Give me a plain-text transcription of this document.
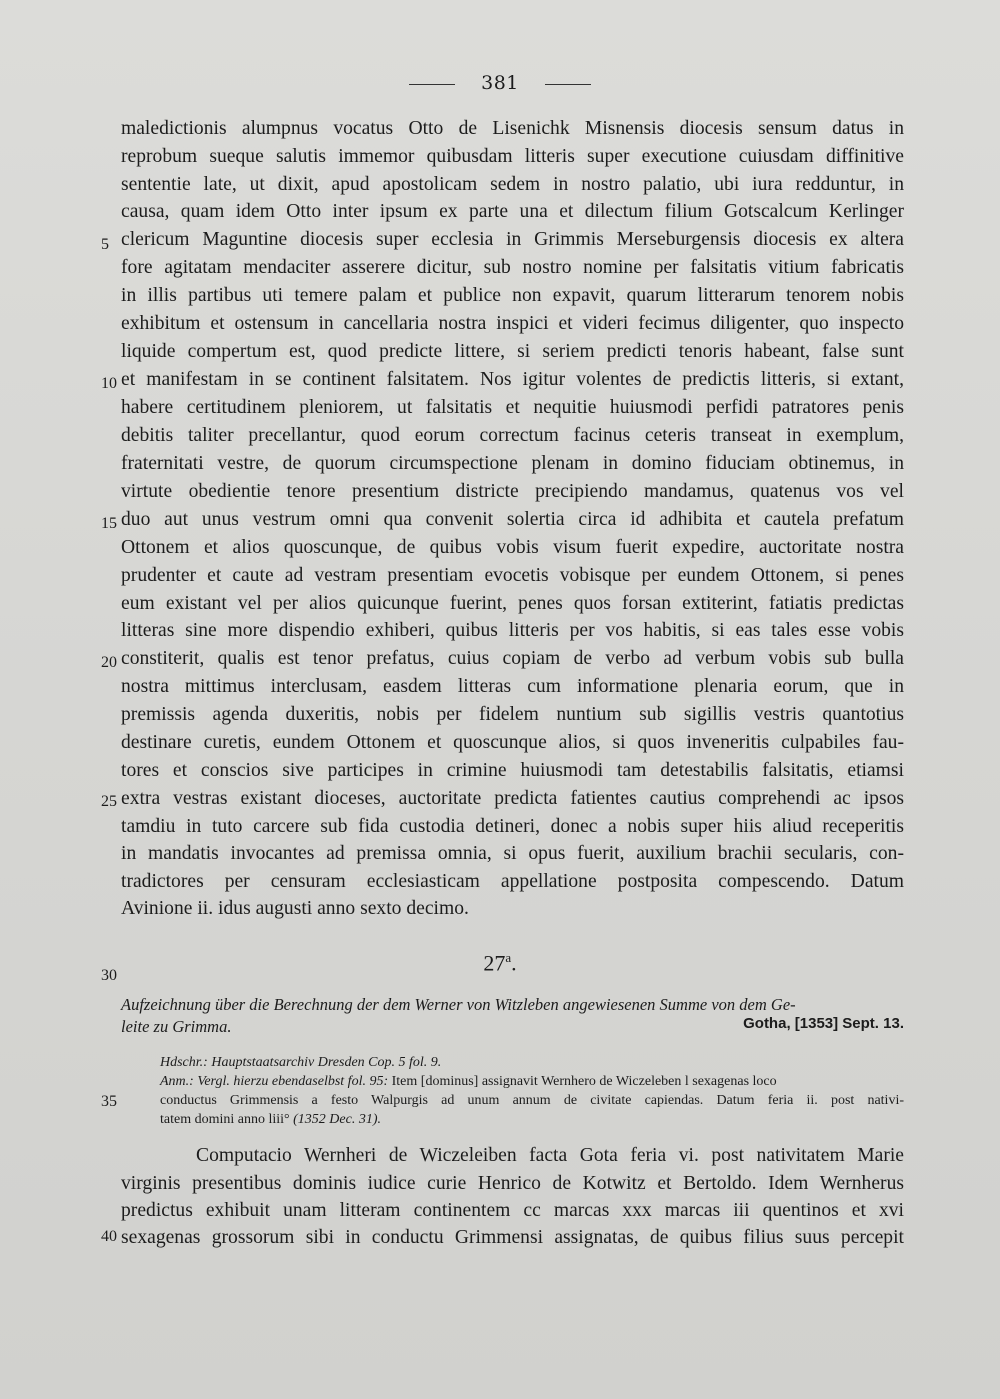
381
maledictionis alumpnus vocatus Otto de Lisenichk Misnensis diocesis sensum datus in
reprobum sueque salutis immemor quibusdam litteris super executione cuiusdam diffinitive
sententie late, ut dixit, apud apostolicam sedem in nostro palatio, ubi iura redduntur, in
causa, quam idem Otto inter ipsum ex parte una et dilectum filium Gotscalcum Kerlinger
clericum Maguntine diocesis super ecclesia in Grimmis Merseburgensis diocesis ex altera
fore agitatam mendaciter asserere dicitur, sub nostro nomine per falsitatis vitium fabricatis
in illis partibus uti temere palam et publice non expavit, quarum litterarum tenorem nobis
exhibitum et ostensum in cancellaria nostra inspici et videri fecimus diligenter, quo inspecto
liquide compertum est, quod predicte littere, si seriem predicti tenoris habeant, false sunt
et manifestam in se continent falsitatem. Nos igitur volentes de predictis litteris, si extant,
habere certitudinem pleniorem, ut falsitatis et nequitie huiusmodi perfidi patratores penis
debitis taliter precellantur, quod eorum correctum facinus ceteris transeat in exemplum,
fraternitati vestre, de quorum circumspectione plenam in domino fiduciam obtinemus, in
virtute obedientie tenore presentium districte precipiendo mandamus, quatenus vos vel
duo aut unus vestrum omni qua convenit solertia circa id adhibita et cautela prefatum
Ottonem et alios quoscunque, de quibus vobis visum fuerit expedire, auctoritate nostra
prudenter et caute ad vestram presentiam evocetis vobisque per eundem Ottonem, si penes
eum existant vel per alios quicunque fuerint, penes quos forsan extiterint, fatiatis predictas
litteras sine more dispendio exhiberi, quibus litteris per vos habitis, si eas tales esse vobis
constiterit, qualis est tenor prefatus, cuius copiam de verbo ad verbum vobis sub bulla
nostra mittimus interclusam, easdem litteras cum informatione plenaria eorum, que in
premissis agenda duxeritis, nobis per fidelem nuntium sub sigillis vestris quantotius
destinare curetis, eundem Ottonem et quoscunque alios, si quos inveneritis culpabiles fau-
tores et conscios sive participes in crimine huiusmodi tam detestabilis falsitatis, etiamsi
extra vestras existant dioceses, auctoritate predicta fatientes cautius comprehendi ac ipsos
tamdiu in tuto carcere sub fida custodia detineri, donec a nobis super hiis aliud receperitis
in mandatis invocantes ad premissa omnia, si opus fuerit, auxilium brachii secularis, con-
tradictores per censuram ecclesiasticam appellatione postposita compescendo. Datum
Avinione ii. idus augusti anno sexto decimo.
5
10
15
20
25
30
35
40
27$^a$.
Aufzeichnung über die Berechnung der dem Werner von Witzleben angewiesenen Summe von dem Ge-
leite zu Grimma.	Gotha, [1353] Sept. 13.
Hdschr.: Hauptstaatsarchiv Dresden Cop. 5 fol. 9.
Anm.: Vergl. hierzu ebendaselbst fol. 95: Item [dominus] assignavit Wernhero de Wiczeleben l sexagenas loco
conductus Grimmensis a festo Walpurgis ad unum annum de civitate capiendas. Datum feria ii. post nativi-
tatem domini anno liii° (1352 Dec. 31).
Computacio Wernheri de Wiczeleiben facta Gota feria vi. post nativitatem Marie
virginis presentibus dominis iudice curie Henrico de Kotwitz et Bertoldo. Idem Wernherus
predictus exhibuit unam litteram continentem cc marcas xxx marcas iii quentinos et xvi
sexagenas grossorum sibi in conductu Grimmensi assignatas, de quibus filius suus percepit
